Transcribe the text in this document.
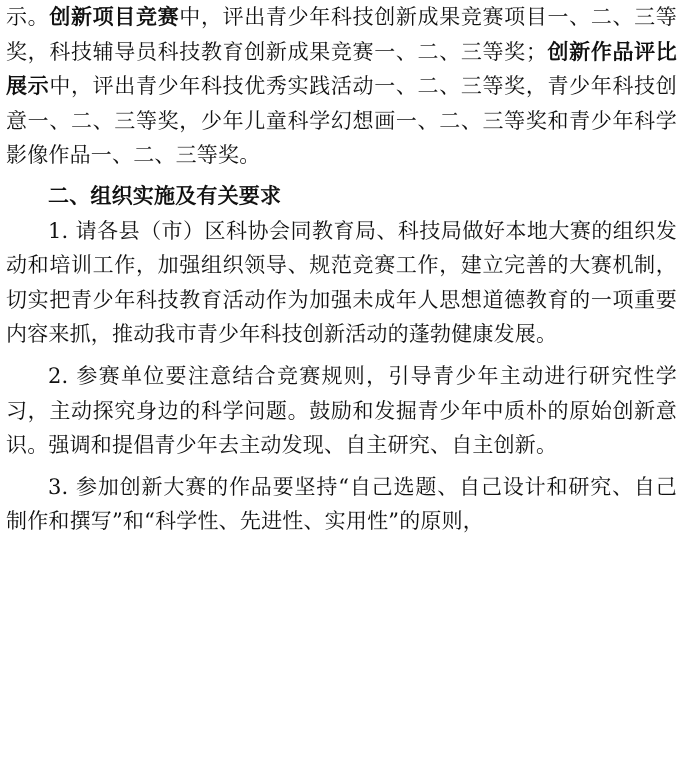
示。创新项目竞赛中，评出青少年科技创新成果竞赛项目一、二、三等奖，科技辅导员科技教育创新成果竞赛一、二、三等奖；创新作品评比展示中，评出青少年科技优秀实践活动一、二、三等奖，青少年科技创意一、二、三等奖，少年儿童科学幻想画一、二、三等奖和青少年科学影像作品一、二、三等奖。

二、组织实施及有关要求

1. 请各县（市）区科协会同教育局、科技局做好本地大赛的组织发动和培训工作，加强组织领导、规范竞赛工作，建立完善的大赛机制，切实把青少年科技教育活动作为加强未成年人思想道德教育的一项重要内容来抓，推动我市青少年科技创新活动的蓬勃健康发展。

2. 参赛单位要注意结合竞赛规则，引导青少年主动进行研究性学习，主动探究身边的科学问题。鼓励和发掘青少年中质朴的原始创新意识。强调和提倡青少年去主动发现、自主研究、自主创新。

3. 参加创新大赛的作品要坚持“自己选题、自己设计和研究、自己制作和撰写”和“科学性、先进性、实用性”的原则，
